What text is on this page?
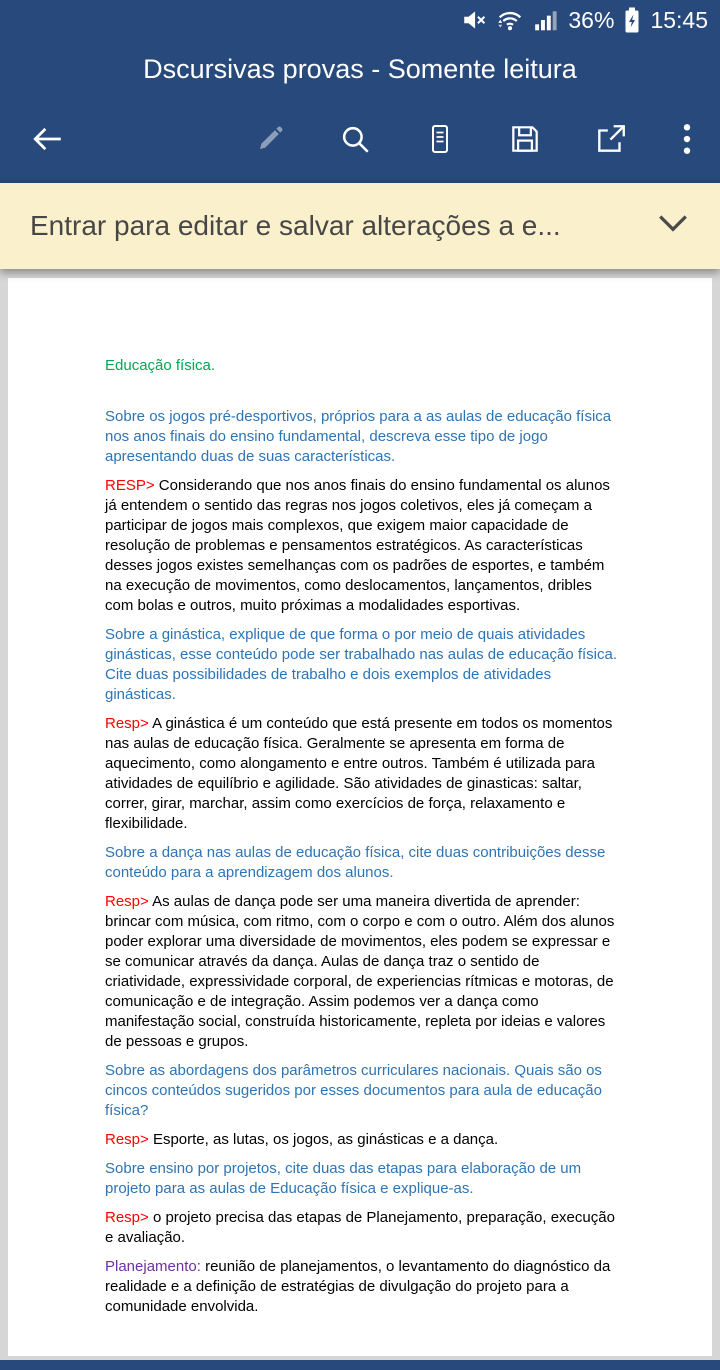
36% 15:45
Dscursivas provas - Somente leitura
Entrar para editar e salvar alterações a e...

Educação física.

Sobre os jogos pré-desportivos, próprios para a as aulas de educação física nos anos finais do ensino fundamental, descreva esse tipo de jogo apresentando duas de suas características.

RESP> Considerando que nos anos finais do ensino fundamental os alunos já entendem o sentido das regras nos jogos coletivos, eles já começam a participar de jogos mais complexos, que exigem maior capacidade de resolução de problemas e pensamentos estratégicos. As características desses jogos existes semelhanças com os padrões de esportes, e também na execução de movimentos, como deslocamentos, lançamentos, dribles com bolas e outros, muito próximas a modalidades esportivas.

Sobre a ginástica, explique de que forma o por meio de quais atividades ginásticas, esse conteúdo pode ser trabalhado nas aulas de educação física. Cite duas possibilidades de trabalho e dois exemplos de atividades ginásticas.

Resp> A ginástica é um conteúdo que está presente em todos os momentos nas aulas de educação física. Geralmente se apresenta em forma de aquecimento, como alongamento e entre outros. Também é utilizada para atividades de equilíbrio e agilidade. São atividades de ginasticas: saltar, correr, girar, marchar, assim como exercícios de força, relaxamento e flexibilidade.

Sobre a dança nas aulas de educação física, cite duas contribuições desse conteúdo para a aprendizagem dos alunos.

Resp> As aulas de dança pode ser uma maneira divertida de aprender: brincar com música, com ritmo, com o corpo e com o outro. Além dos alunos poder explorar uma diversidade de movimentos, eles podem se expressar e se comunicar através da dança. Aulas de dança traz o sentido de criatividade, expressividade corporal, de experiencias rítmicas e motoras, de comunicação e de integração. Assim podemos ver a dança como manifestação social, construída historicamente, repleta por ideias e valores de pessoas e grupos.

Sobre as abordagens dos parâmetros curriculares nacionais. Quais são os cincos conteúdos sugeridos por esses documentos para aula de educação física?

Resp> Esporte, as lutas, os jogos, as ginásticas e a dança.

Sobre ensino por projetos, cite duas das etapas para elaboração de um projeto para as aulas de Educação física e explique-as.

Resp> o projeto precisa das etapas de Planejamento, preparação, execução e avaliação.

Planejamento: reunião de planejamentos, o levantamento do diagnóstico da realidade e a definição de estratégias de divulgação do projeto para a comunidade envolvida.
